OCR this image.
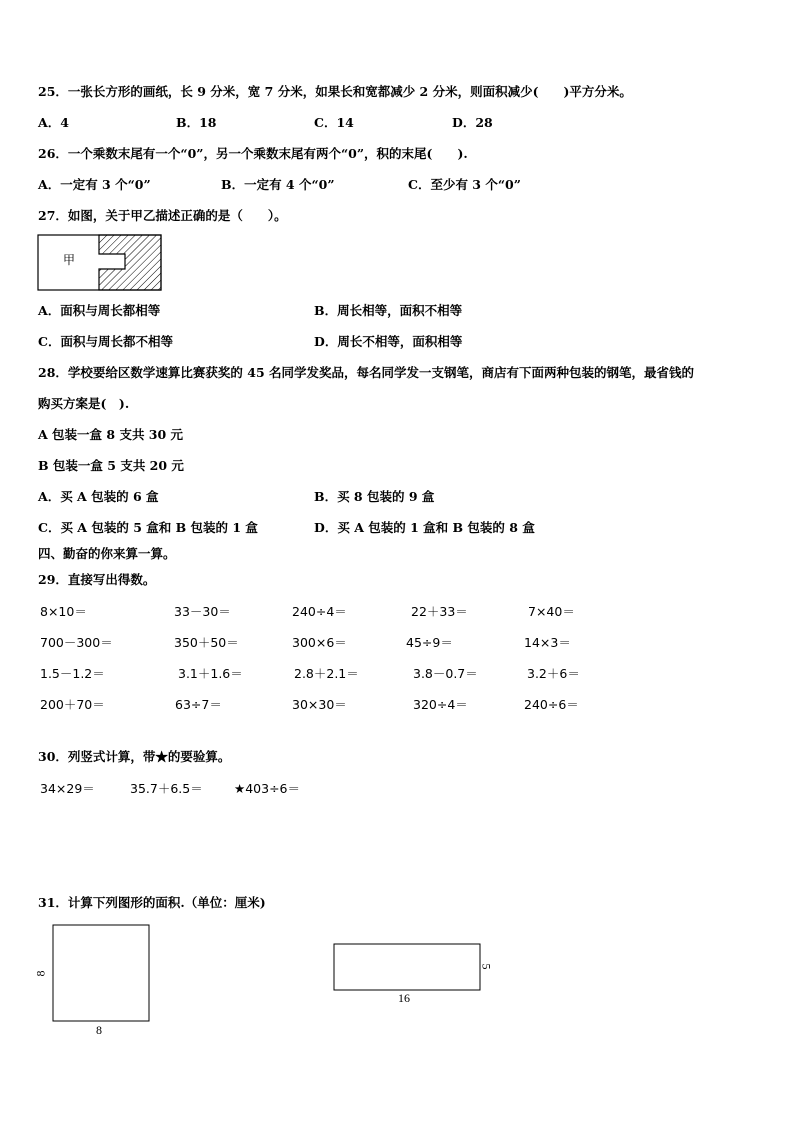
25．一张长方形的画纸，长 9 分米，宽 7 分米，如果长和宽都减少 2 分米，则面积减少(　　)平方分米。
A．4	B．18	C．14	D．28
26．一个乘数末尾有一个“0”，另一个乘数末尾有两个“0”，积的末尾(　　).
A．一定有 3 个“0”	B．一定有 4 个“0”	C．至少有 3 个“0”
27．如图，关于甲乙描述正确的是（　　）。
甲
A．面积与周长都相等	B．周长相等，面积不相等
C．面积与周长都不相等	D．周长不相等，面积相等
28．学校要给区数学速算比赛获奖的 45 名同学发奖品，每名同学发一支钢笔，商店有下面两种包装的钢笔，最省钱的
购买方案是(　).
A 包装一盒 8 支共 30 元
B 包装一盒 5 支共 20 元
A．买 A 包装的 6 盒	B．买 8 包装的 9 盒
C．买 A 包装的 5 盒和 B 包装的 1 盒	D．买 A 包装的 1 盒和 B 包装的 8 盒
四、勤奋的你来算一算。
29．直接写出得数。
8×10＝	33－30＝	240÷4＝	22＋33＝	7×40＝
700－300＝	350＋50＝	300×6＝	45÷9＝	14×3＝
1.5－1.2＝	3.1＋1.6＝	2.8＋2.1＝	3.8－0.7＝	3.2＋6＝
200＋70＝	63÷7＝	30×30＝	320÷4＝	240÷6＝
30．列竖式计算，带★的要验算。
34×29＝	35.7＋6.5＝	★403÷6＝
31．计算下列图形的面积.（单位：厘米)
8
8
16
5
